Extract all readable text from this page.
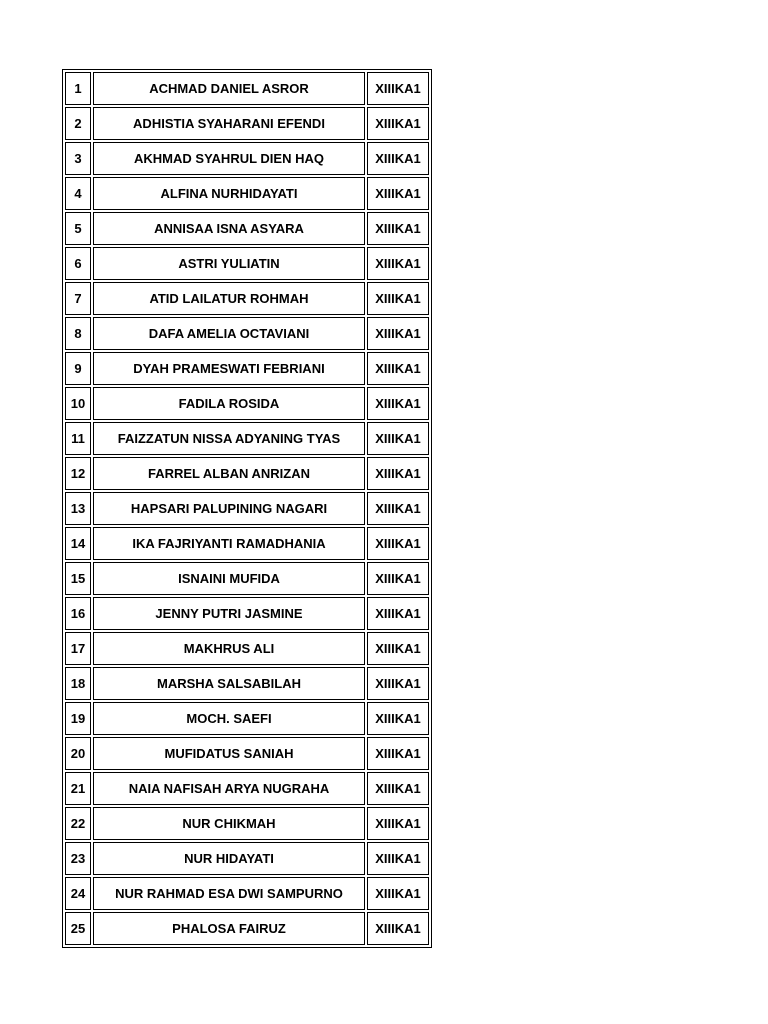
1	ACHMAD DANIEL ASROR	XIIIKA1
2	ADHISTIA SYAHARANI EFENDI	XIIIKA1
3	AKHMAD SYAHRUL DIEN HAQ	XIIIKA1
4	ALFINA NURHIDAYATI	XIIIKA1
5	ANNISAA ISNA ASYARA	XIIIKA1
6	ASTRI YULIATIN	XIIIKA1
7	ATID LAILATUR ROHMAH	XIIIKA1
8	DAFA AMELIA OCTAVIANI	XIIIKA1
9	DYAH PRAMESWATI FEBRIANI	XIIIKA1
10	FADILA ROSIDA	XIIIKA1
11	FAIZZATUN NISSA ADYANING TYAS	XIIIKA1
12	FARREL ALBAN ANRIZAN	XIIIKA1
13	HAPSARI PALUPINING NAGARI	XIIIKA1
14	IKA FAJRIYANTI RAMADHANIA	XIIIKA1
15	ISNAINI MUFIDA	XIIIKA1
16	JENNY PUTRI JASMINE	XIIIKA1
17	MAKHRUS ALI	XIIIKA1
18	MARSHA SALSABILAH	XIIIKA1
19	MOCH. SAEFI	XIIIKA1
20	MUFIDATUS SANIAH	XIIIKA1
21	NAIA NAFISAH ARYA NUGRAHA	XIIIKA1
22	NUR CHIKMAH	XIIIKA1
23	NUR HIDAYATI	XIIIKA1
24	NUR RAHMAD ESA DWI SAMPURNO	XIIIKA1
25	PHALOSA FAIRUZ	XIIIKA1
